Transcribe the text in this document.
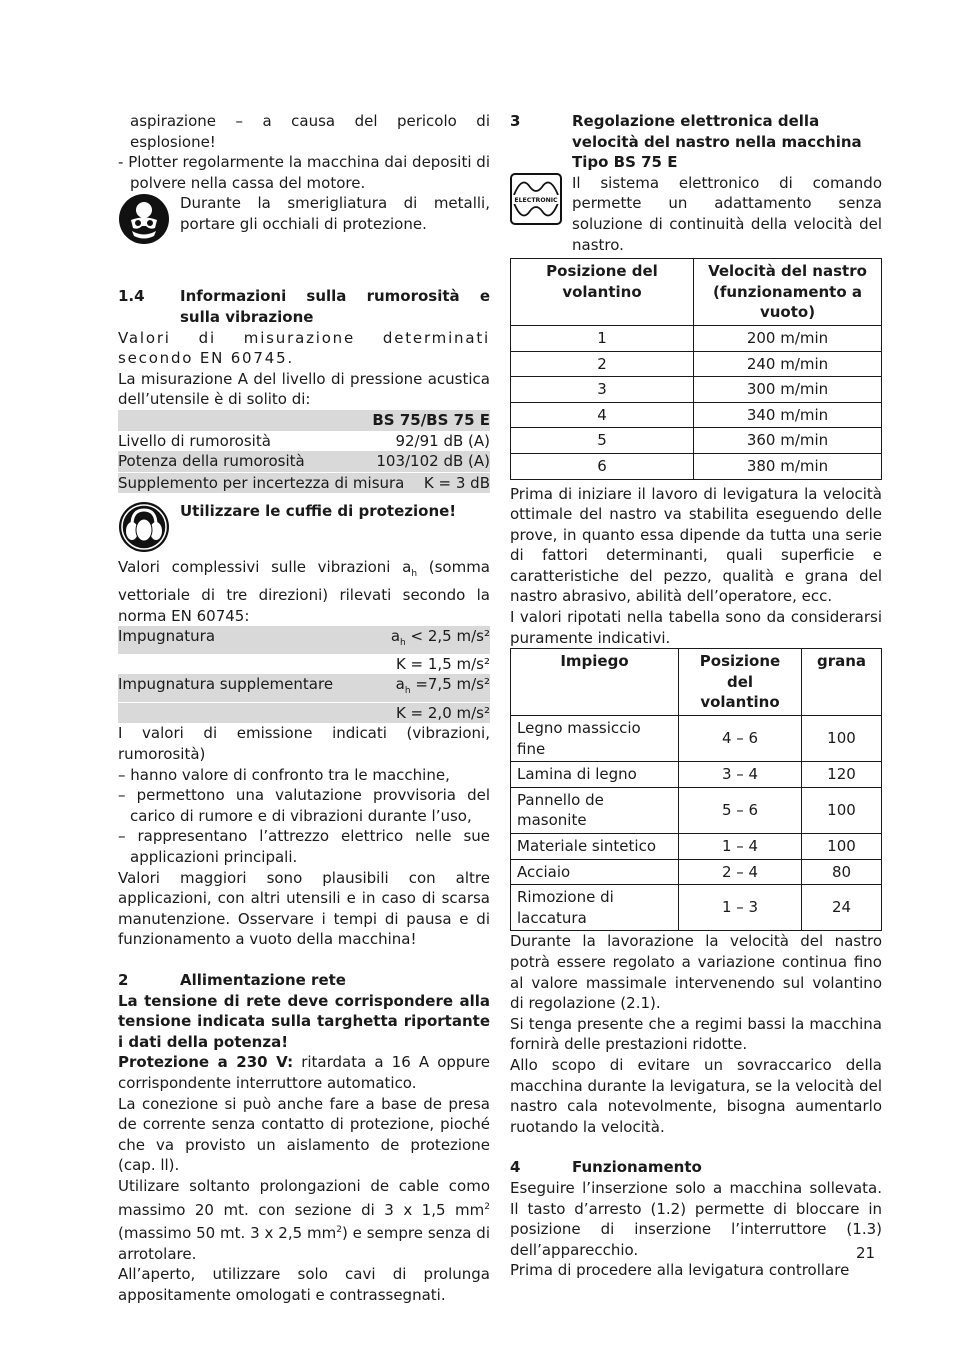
aspirazione – a causa del pericolo di esplosione!

- Plotter regolarmente la macchina dai depositi di polvere nella cassa del motore.

Durante la smerigliatura di metalli, portare gli occhiali di protezione.

1.4	Informazioni sulla rumorosità e sulla vibrazione

Valori di misurazione determinati secondo EN 60745.

La misurazione A del livello di pressione acustica dell’utensile è di solito di:

BS 75/BS 75 E
Livello di rumorosità	92/91 dB (A)
Potenza della rumorosità	103/102 dB (A)
Supplemento per incertezza di misura K = 3 dB

Utilizzare le cuffie di protezione!

Valori complessivi sulle vibrazioni $a_h$ (somma vettoriale di tre direzioni) rilevati secondo la norma EN 60745:

Impugnatura	$a_h < 2,5$ m/s²
K = 1,5 m/s²
Impugnatura supplementare	$a_h =7,5$ m/s²
K = 2,0 m/s²

I valori di emissione indicati (vibrazioni, rumorosità)

– hanno valore di confronto tra le macchine,

– permettono una valutazione provvisoria del carico di rumore e di vibrazioni durante l’uso,

– rappresentano l’attrezzo elettrico nelle sue applicazioni principali.

Valori maggiori sono plausibili con altre applicazioni, con altri utensili e in caso di scarsa manutenzione. Osservare i tempi di pausa e di funzionamento a vuoto della macchina!

2	Allimentazione rete

La tensione di rete deve corrispondere alla tensione indicata sulla targhetta riportante i dati della potenza!

Protezione a 230 V: ritardata a 16 A oppure corrispondente interruttore automatico.

La conezione si può anche fare a base de presa de corrente senza contatto di protezione, pioché che va provisto un aislamento de protezione (cap. ll).

Utilizare soltanto prolongazioni de cable como massimo 20 mt. con sezione di 3 x 1,5 $mm^2$ (massimo 50 mt. 3 x 2,5 $mm^2$) e sempre senza di arrotolare.

All’aperto, utilizzare solo cavi di prolunga appositamente omologati e contrassegnati.

3	Regolazione elettronica della velocità del nastro nella macchina Tipo BS 75 E
ELECTRONIC

Il sistema elettronico di comando permette un adattamento senza soluzione di continuità della velocità del nastro.

Posizione del volantino	Velocità del nastro (funzionamento a vuoto)
1	200 m/min
2	240 m/min
3	300 m/min
4	340 m/min
5	360 m/min
6	380 m/min

Prima di iniziare il lavoro di levigatura la velocità ottimale del nastro va stabilita eseguendo delle prove, in quanto essa dipende da tutta una serie di fattori determinanti, quali superficie e caratteristiche del pezzo, qualità e grana del nastro abrasivo, abilità dell’operatore, ecc.

I valori ripotati nella tabella sono da considerarsi puramente indicativi.

Impiego	Posizione del volantino	grana
Legno massiccio fine	4 – 6	100
Lamina di legno	3 – 4	120
Pannello de masonite	5 – 6	100
Materiale sintetico	1 – 4	100
Acciaio	2 – 4	80
Rimozione di laccatura	1 – 3	24

Durante la lavorazione la velocità del nastro potrà essere regolato a variazione continua fino al valore massimale intervenendo sul volantino di regolazione (2.1).

Si tenga presente che a regimi bassi la macchina fornirà delle prestazioni ridotte.

Allo scopo di evitare un sovraccarico della macchina durante la levigatura, se la velocità del nastro cala notevolmente, bisogna aumentarlo ruotando la velocità.

4	Funzionamento

Eseguire l’inserzione solo a macchina sollevata. Il tasto d’arresto (1.2) permette di bloccare in posizione di inserzione l’interruttore (1.3) dell’apparecchio.

Prima di procedere alla levigatura controllare

21
